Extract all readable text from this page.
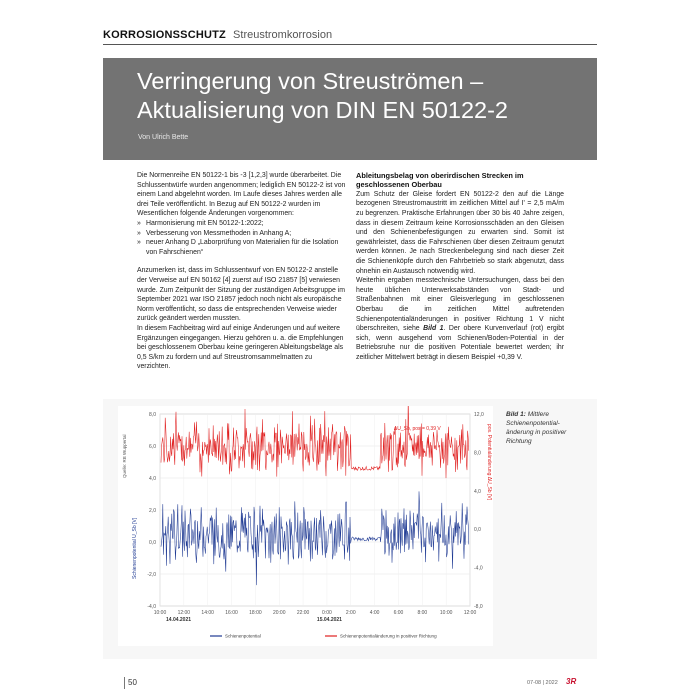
KORROSIONSSCHUTZ Streustromkorrosion
Verringerung von Streuströmen –
Aktualisierung von DIN EN 50122-2
Von Ulrich Bette

Die Normenreihe EN 50122-1 bis -3 [1,2,3] wurde überarbeitet. Die Schlussentwürfe wurden angenommen; lediglich EN 50122-2 ist von einem Land abgelehnt worden. Im Laufe dieses Jahres werden alle drei Teile veröffentlicht. In Bezug auf EN 50122-2 wurden im Wesentlichen folgende Änderungen vorgenommen:

» Harmonisierung mit EN 50122-1:2022;
» Verbesserung von Messmethoden in Anhang A;
» neuer Anhang D „Laborprüfung von Materialien für die Isolation von Fahrschienen“

Anzumerken ist, dass im Schlussentwurf von EN 50122-2 anstelle der Verweise auf EN 50162 [4] zuerst auf ISO 21857 [5] verwiesen wurde. Zum Zeitpunkt der Sitzung der zuständigen Arbeitsgruppe im September 2021 war ISO 21857 jedoch noch nicht als europäische Norm veröffentlicht, so dass die entsprechenden Verweise wieder zurück geändert werden mussten.

In diesem Fachbeitrag wird auf einige Änderungen und auf weitere Ergänzungen eingegangen. Hierzu gehören u. a. die Empfehlungen bei geschlossenem Oberbau keine geringeren Ableitungsbeläge als 0,5 S/km zu fordern und auf Streustromsammelmatten zu verzichten.

Ableitungsbelag von oberirdischen Strecken im geschlossenen Oberbau

Zum Schutz der Gleise fordert EN 50122-2 den auf die Länge bezogenen Streustromaustritt im zeitlichen Mittel auf I' = 2,5 mA/m zu begrenzen. Praktische Erfahrungen über 30 bis 40 Jahre zeigen, dass in diesem Zeitraum keine Korrosionsschäden an den Gleisen und den Schienenbefestigungen zu erwarten sind. Somit ist gewährleistet, dass die Fahrschienen über diesen Zeitraum genutzt werden können. Je nach Streckenbelegung sind nach dieser Zeit die Schienenköpfe durch den Fahrbetrieb so stark abgenutzt, dass ohnehin ein Austausch notwendig wird.

Weiterhin ergaben messtechnische Untersuchungen, dass bei den heute üblichen Unterwerksabständen von Stadt- und Straßenbahnen mit einer Gleisverlegung im geschlossenen Oberbau die im zeitlichen Mittel auftretenden Schienenpotentialänderungen in positiver Richtung 1 V nicht überschreiten, siehe Bild 1. Der obere Kurvenverlauf (rot) ergibt sich, wenn ausgehend vom Schienen/Boden-Potential in der Betriebsruhe nur die positiven Potentiale bewertet werden; ihr zeitlicher Mittelwert beträgt in diesem Beispiel +0,39 V.

8,0
6,0
4,0
2,0
0,0
-2,0
-4,0
12,0
8,0
4,0
0,0
-4,0
-8,0
10:00 12:00 14:00 16:00 18:00 20:00 22:00	0:00	2:00	4:00	6:00	8:00	10:00 12:00
14.04.2021	15.04.2021
Schienenpotential U_Sb [V]
pos. Potentialänderung ΔU_Sb [V]
Quelle: RB Wuppertal
ΔU_Sb, pos = 0,39 V
Schienenpotential	Schienenpotentialänderung in positiver Richtung
Bild 1: Mittlere Schienenpotential-änderung in positiver Richtung
50	07-08 | 2022 3R
